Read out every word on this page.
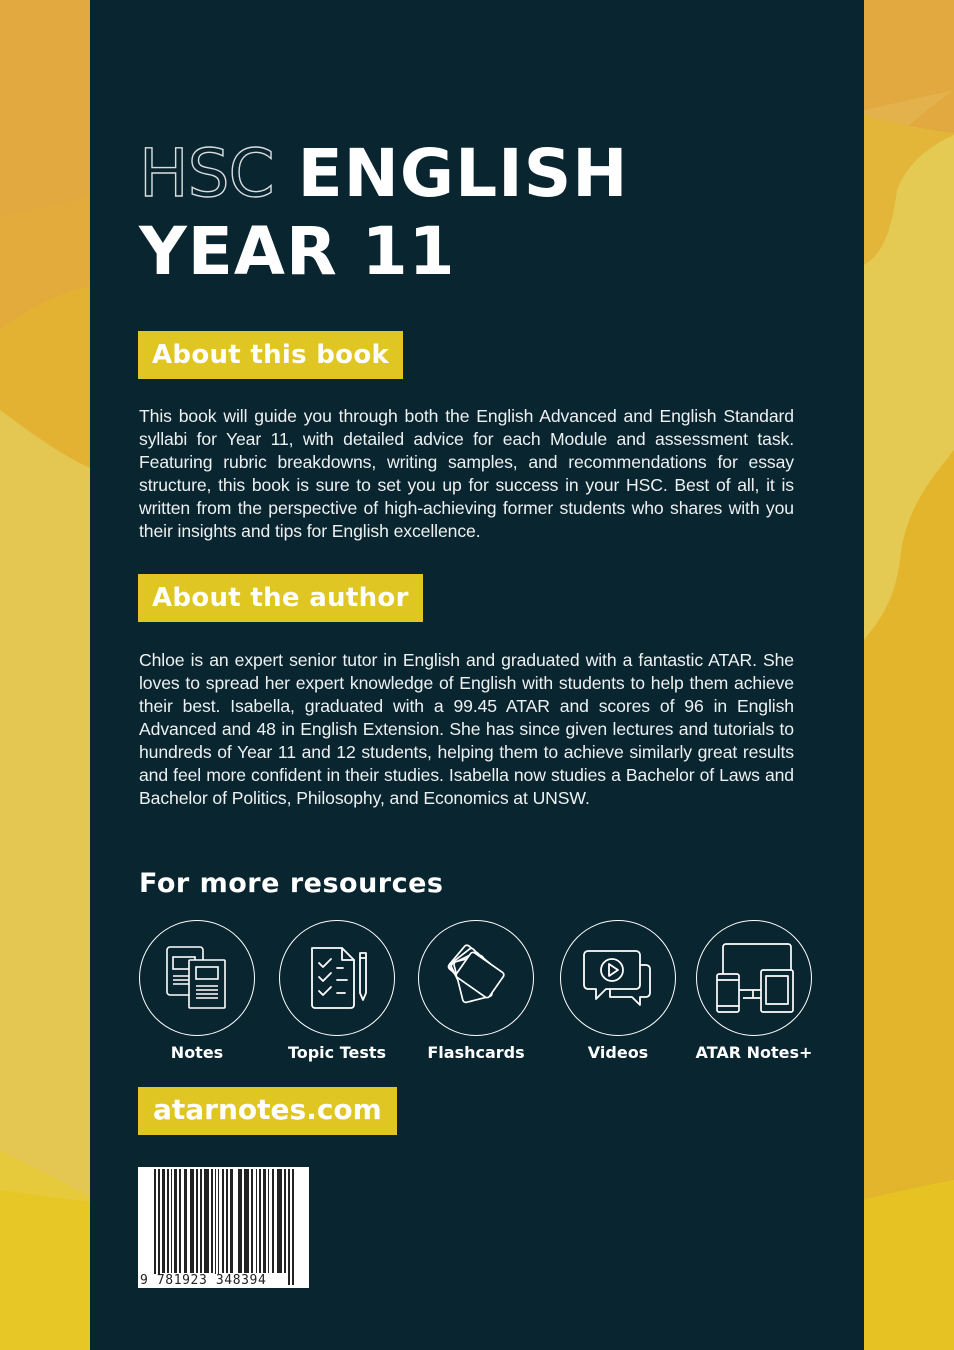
HSC ENGLISH
YEAR 11
About this book

This book will guide you through both the English Advanced and English Standard syllabi for Year 11, with detailed advice for each Module and assessment task. Featuring rubric breakdowns, writing samples, and recommendations for essay structure, this book is sure to set you up for success in your HSC. Best of all, it is written from the perspective of high-achieving former students who shares with you their insights and tips for English excellence.

About the author

Chloe is an expert senior tutor in English and graduated with a fantastic ATAR. She loves to spread her expert knowledge of English with students to help them achieve their best. Isabella, graduated with a 99.45 ATAR and scores of 96 in English Advanced and 48 in English Extension. She has since given lectures and tutorials to hundreds of Year 11 and 12 students, helping them to achieve similarly great results and feel more confident in their studies. Isabella now studies a Bachelor of Laws and Bachelor of Politics, Philosophy, and Economics at UNSW.

For more resources
Notes	Topic Tests	Flashcards	Videos	ATAR Notes+
atarnotes.com
9 781923 348394
